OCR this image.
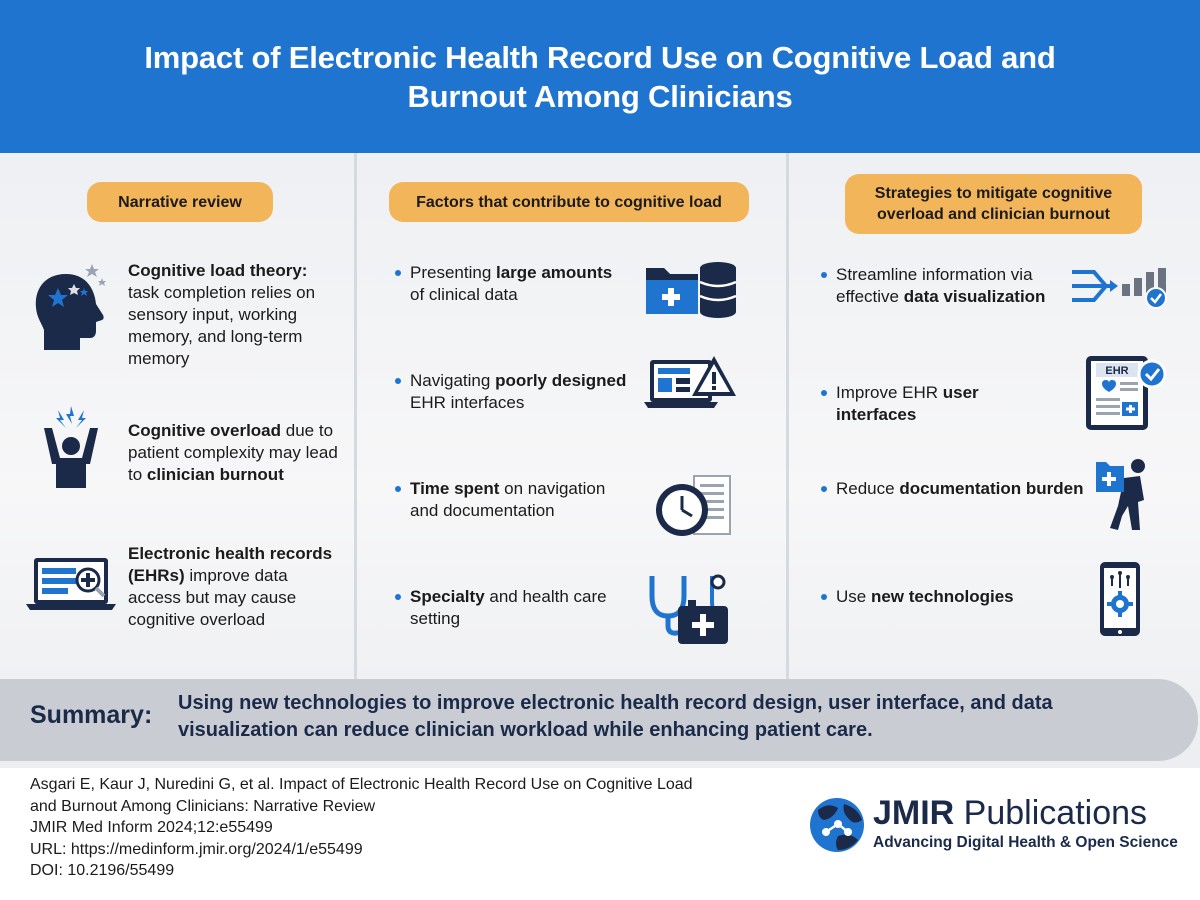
Impact of Electronic Health Record Use on Cognitive Load and Burnout Among Clinicians
Narrative review
Cognitive load theory: task completion relies on sensory input, working memory, and long-term memory
Cognitive overload due to patient complexity may lead to clinician burnout
Electronic health records (EHRs) improve data access but may cause cognitive overload
Factors that contribute to cognitive load
Presenting large amounts of clinical data
Navigating poorly designed EHR interfaces
Time spent on navigation and documentation
Specialty and health care setting
Strategies to mitigate cognitive overload and clinician burnout
Streamline information via effective data visualization
Improve EHR user interfaces
EHR
Reduce documentation burden
Use new technologies
Summary: Using new technologies to improve electronic health record design, user interface, and data visualization can reduce clinician workload while enhancing patient care.
Asgari E, Kaur J, Nuredini G, et al. Impact of Electronic Health Record Use on Cognitive Load
and Burnout Among Clinicians: Narrative Review
JMIR Med Inform 2024;12:e55499
URL: https://medinform.jmir.org/2024/1/e55499
DOI: 10.2196/55499
JMIR Publications
Advancing Digital Health & Open Science
